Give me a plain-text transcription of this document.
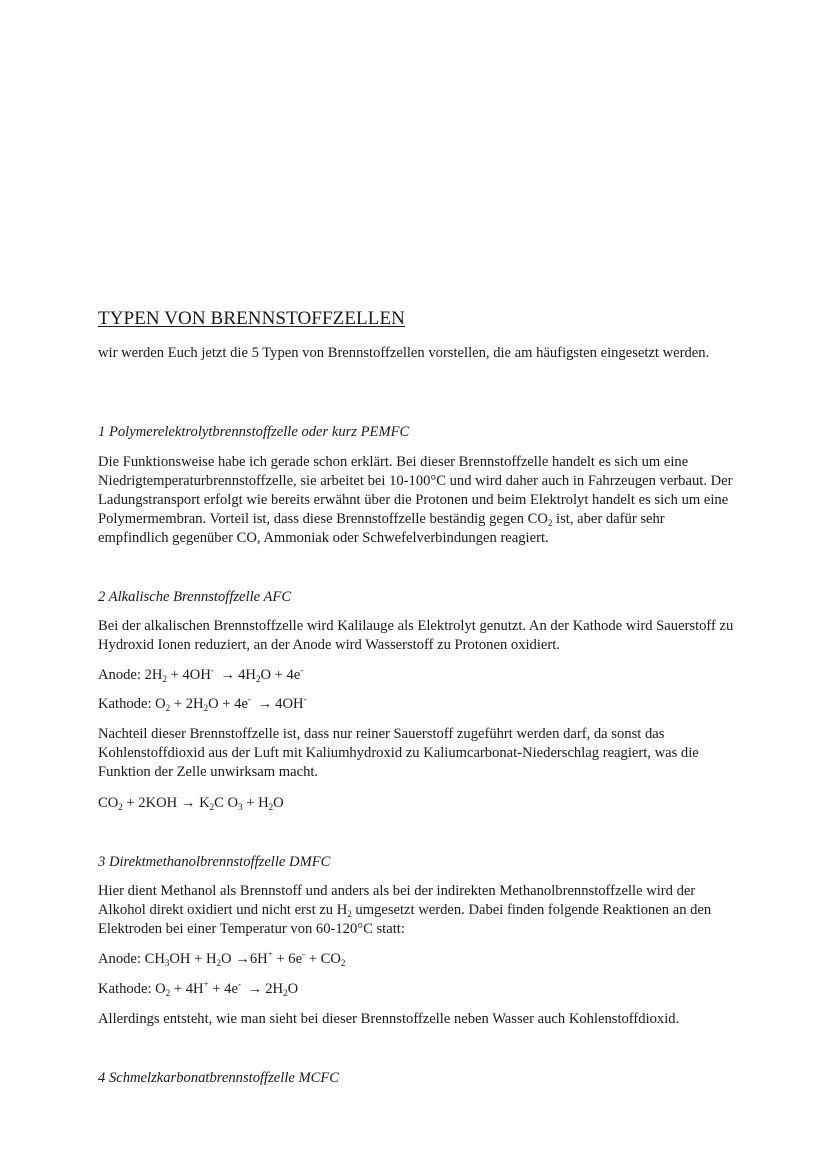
TYPEN VON BRENNSTOFFZELLEN

wir werden Euch jetzt die 5 Typen von Brennstoffzellen vorstellen, die am häufigsten eingesetzt werden.

1 Polymerelektrolytbrennstoffzelle oder kurz PEMFC

Die Funktionsweise habe ich gerade schon erklärt. Bei dieser Brennstoffzelle handelt es sich um eine Niedrigtemperaturbrennstoffzelle, sie arbeitet bei 10-100°C und wird daher auch in Fahrzeugen verbaut. Der Ladungstransport erfolgt wie bereits erwähnt über die Protonen und beim Elektrolyt handelt es sich um eine Polymermembran. Vorteil ist, dass diese Brennstoffzelle beständig gegen $CO_2$ ist, aber dafür sehr empfindlich gegenüber CO, Ammoniak oder Schwefelverbindungen reagiert.

2 Alkalische Brennstoffzelle AFC

Bei der alkalischen Brennstoffzelle wird Kalilauge als Elektrolyt genutzt. An der Kathode wird Sauerstoff zu Hydroxid Ionen reduziert, an der Anode wird Wasserstoff zu Protonen oxidiert.

Anode: $2H_2 + 4OH^- \to 4H_2O + 4e^-$
Kathode: $O_2 + 2H_2O + 4e^- \to 4OH^-$

Nachteil dieser Brennstoffzelle ist, dass nur reiner Sauerstoff zugeführt werden darf, da sonst das Kohlenstoffdioxid aus der Luft mit Kaliumhydroxid zu Kaliumcarbonat-Niederschlag reagiert, was die Funktion der Zelle unwirksam macht.

$CO_2 + 2KOH \to K_2C$ $O_3 + H_2O$
3 Direktmethanolbrennstoffzelle DMFC

Hier dient Methanol als Brennstoff und anders als bei der indirekten Methanolbrennstoffzelle wird der Alkohol direkt oxidiert und nicht erst zu $H_2$ umgesetzt werden. Dabei finden folgende Reaktionen an den Elektroden bei einer Temperatur von 60-120°C statt:

Anode: $CH_3OH + H_2O \to 6H^+ + 6e^- + CO_2$
Kathode: $O_2 + 4H^+ + 4e^- \to 2H_2O$

Allerdings entsteht, wie man sieht bei dieser Brennstoffzelle neben Wasser auch Kohlenstoffdioxid.

4 Schmelzkarbonatbrennstoffzelle MCFC
